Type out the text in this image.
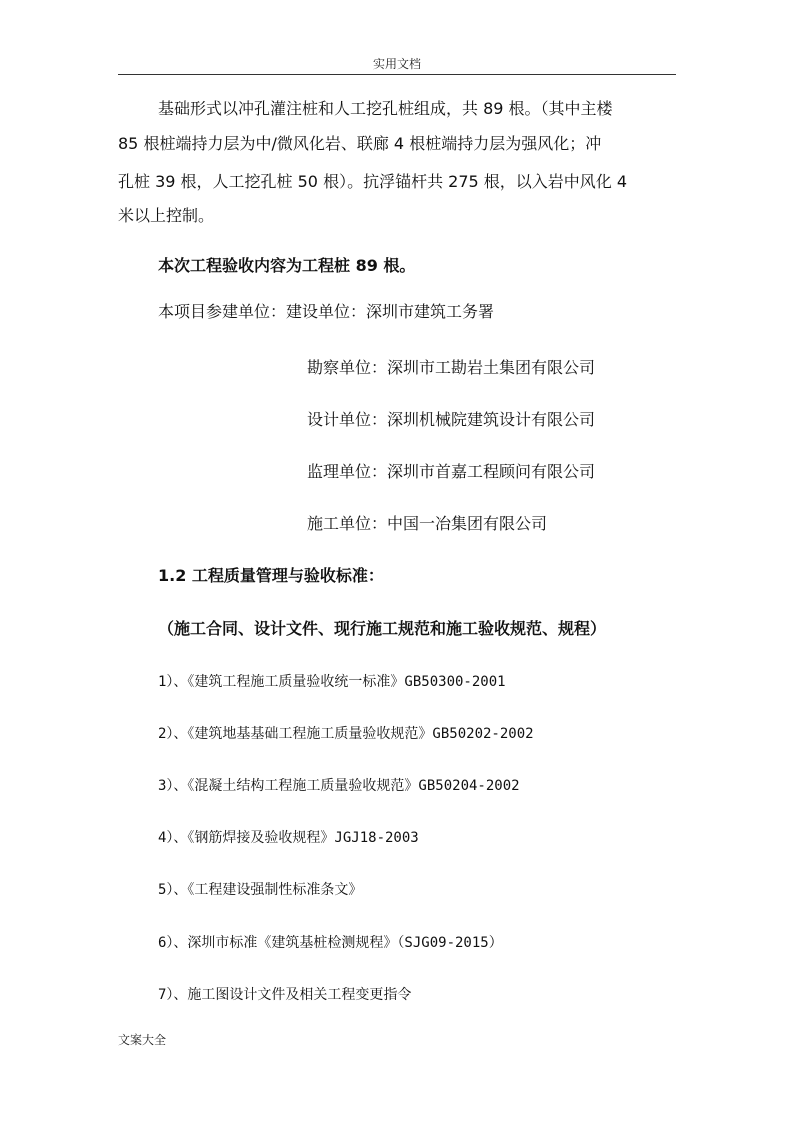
实用文档
基础形式以冲孔灌注桩和人工挖孔桩组成，共 89 根。（其中主楼
85 根桩端持力层为中/微风化岩、联廊 4 根桩端持力层为强风化；冲
孔桩 39 根，人工挖孔桩 50 根）。抗浮锚杆共 275 根，以入岩中风化 4
米以上控制。
本次工程验收内容为工程桩 89 根。
本项目参建单位：建设单位：深圳市建筑工务署
勘察单位：深圳市工勘岩土集团有限公司
设计单位：深圳机械院建筑设计有限公司
监理单位：深圳市首嘉工程顾问有限公司
施工单位：中国一冶集团有限公司
1.2 工程质量管理与验收标准：
（施工合同、设计文件、现行施工规范和施工验收规范、规程）
1）、《建筑工程施工质量验收统一标准》GB50300-2001
2）、《建筑地基基础工程施工质量验收规范》GB50202-2002
3）、《混凝土结构工程施工质量验收规范》GB50204-2002
4）、《钢筋焊接及验收规程》JGJ18-2003
5）、《工程建设强制性标准条文》
6）、深圳市标准《建筑基桩检测规程》（SJG09-2015）
7）、施工图设计文件及相关工程变更指令
文案大全
